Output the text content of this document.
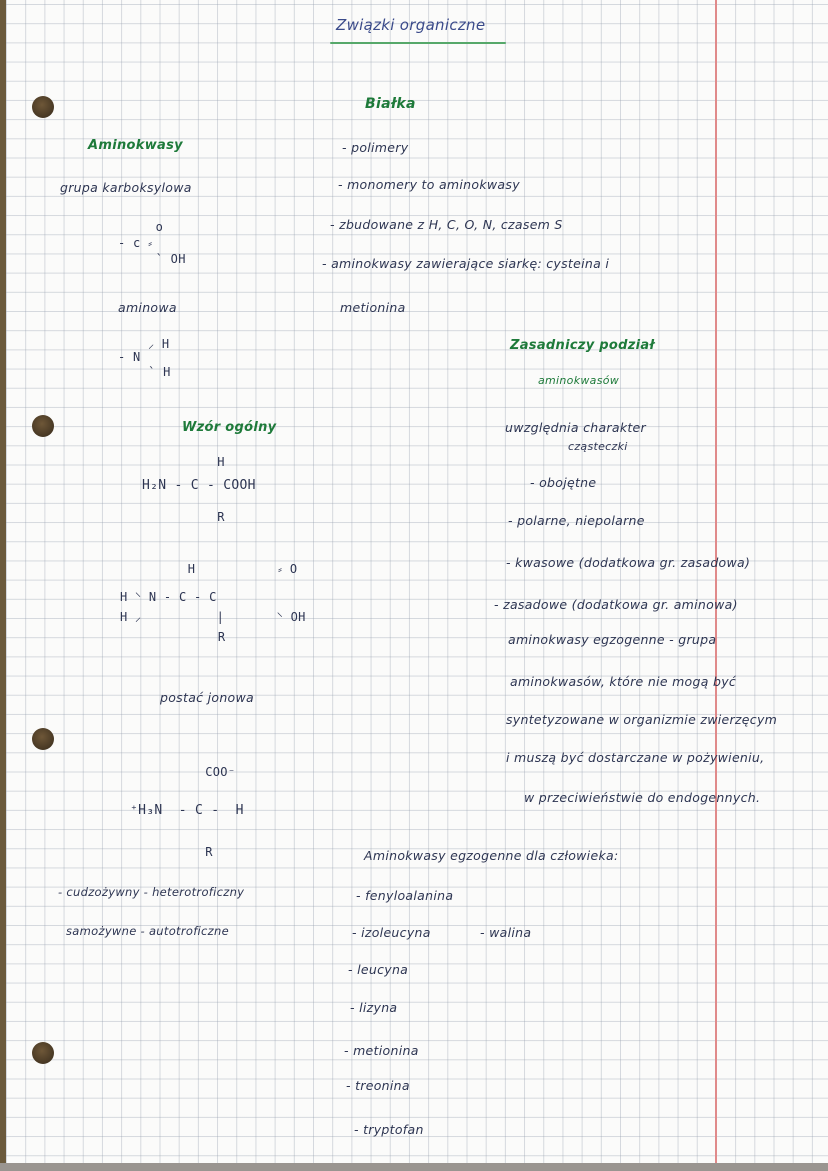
Związki organiczne
Aminokwasy
grupa karboksylowa
o
- c ⸗
` OH
aminowa
⸝ H
- N
` H
Wzór ogólny
H
H₂N - C - COOH
R
H           ⸗ O
H ⸌ N - C - C
H ⸝          |       ⸌ OH
R
postać jonowa
COO⁻
⁺H₃N  - C -  H
R
- cudzożywny - heterotroficzny
samożywne - autotroficzne
Białka
- polimery
- monomery to aminokwasy
- zbudowane z H, C, O, N, czasem S
- aminokwasy zawierające siarkę: cysteina i
metionina
Zasadniczy podział
aminokwasów
uwzględnia charakter
cząsteczki
- obojętne
- polarne, niepolarne
- kwasowe (dodatkowa gr. zasadowa)
- zasadowe (dodatkowa gr. aminowa)
aminokwasy egzogenne - grupa
aminokwasów, które nie mogą być
syntetyzowane w organizmie zwierzęcym
i muszą być dostarczane w pożywieniu,
w przeciwieństwie do endogennych.
Aminokwasy egzogenne dla człowieka:
- fenyloalanina
- izoleucyna	- walina
- leucyna
- lizyna
- metionina
- treonina
- tryptofan
